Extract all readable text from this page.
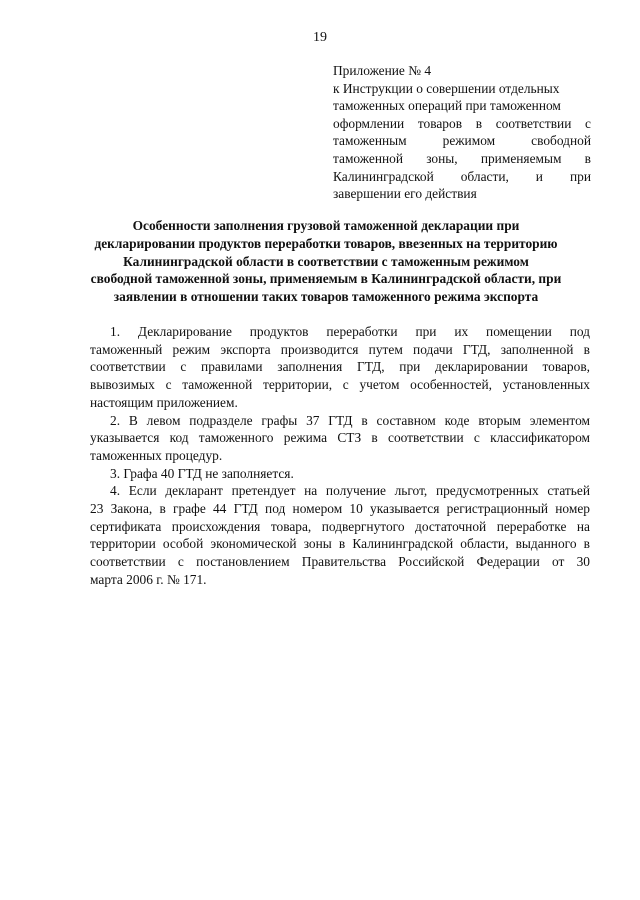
19
Приложение № 4
к Инструкции о совершении отдельных
таможенных операций при таможенном
оформлении товаров в соответствии с
таможенным режимом свободной
таможенной зоны, применяемым в
Калининградской области, и при
завершении его действия
Особенности заполнения грузовой таможенной декларации при
декларировании продуктов переработки товаров, ввезенных на территорию
Калининградской области в соответствии с таможенным режимом
свободной таможенной зоны, применяемым в Калининградской области, при
заявлении в отношении таких товаров таможенного режима экспорта
1. Декларирование продуктов переработки при их помещении под
таможенный режим экспорта производится путем подачи ГТД, заполненной в
соответствии с правилами заполнения ГТД, при декларировании товаров,
вывозимых с таможенной территории, с учетом особенностей, установленных
настоящим приложением.
2. В левом подразделе графы 37 ГТД в составном коде вторым элементом
указывается код таможенного режима СТЗ в соответствии с классификатором
таможенных процедур.
3. Графа 40 ГТД не заполняется.
4. Если декларант претендует на получение льгот, предусмотренных статьей
23 Закона, в графе 44 ГТД под номером 10 указывается регистрационный номер
сертификата происхождения товара, подвергнутого достаточной переработке на
территории особой экономической зоны в Калининградской области, выданного в
соответствии с постановлением Правительства Российской Федерации от 30
марта 2006 г. № 171.
